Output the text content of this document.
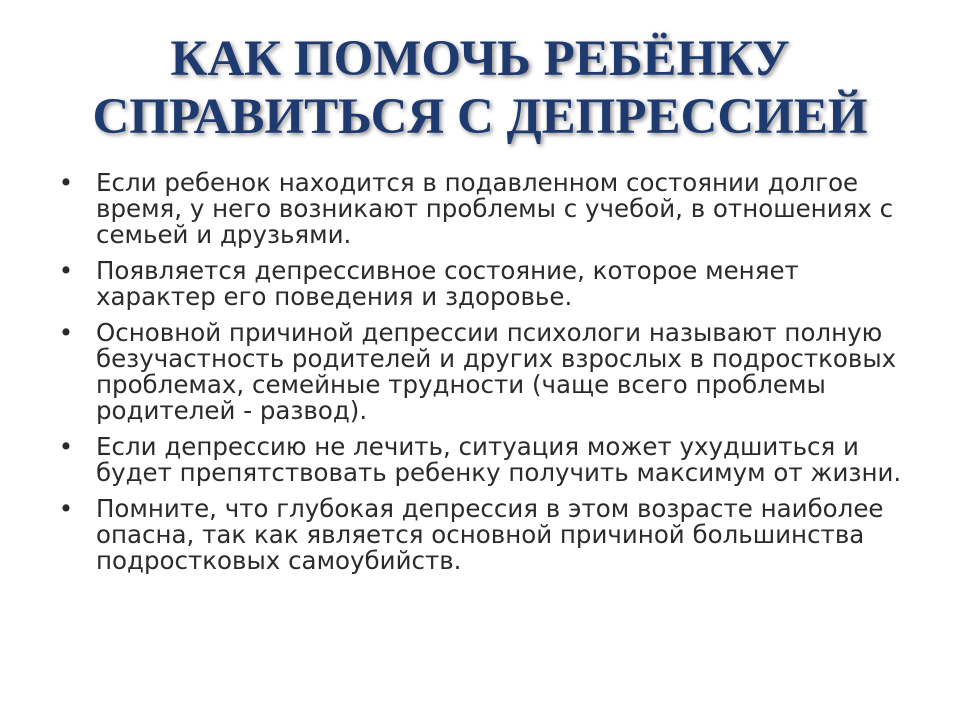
КАК ПОМОЧЬ РЕБЁНКУ
СПРАВИТЬСЯ С ДЕПРЕССИЕЙ
• Если ребенок находится в подавленном состоянии долгое время, у него возникают проблемы с учебой, в отношениях с семьей и друзьями.
• Появляется депрессивное состояние, которое меняет характер его поведения и здоровье.
• Основной причиной депрессии психологи называют полную безучастность родителей и других взрослых в подростковых проблемах, семейные трудности (чаще всего проблемы родителей - развод).
• Если депрессию не лечить, ситуация может ухудшиться и будет препятствовать ребенку получить максимум от жизни.
• Помните, что глубокая депрессия в этом возрасте наиболее опасна, так как является основной причиной большинства подростковых самоубийств.
